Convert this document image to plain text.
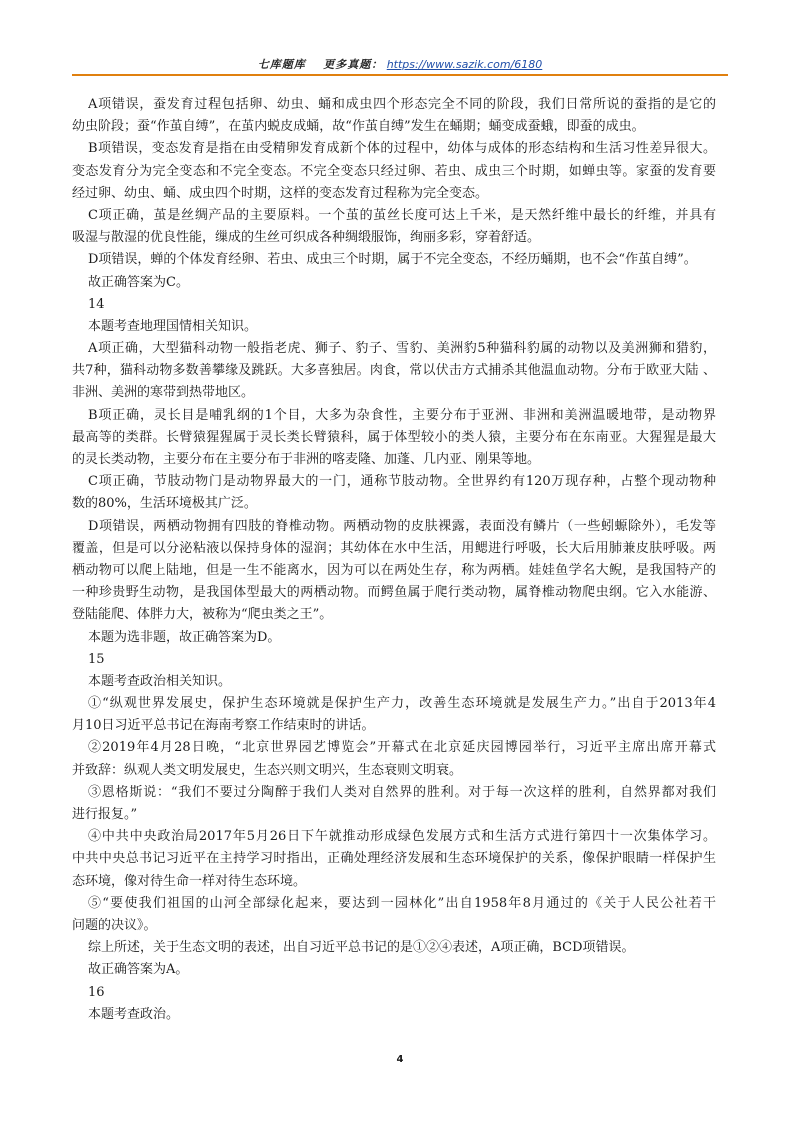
七库题库 更多真题： https://www.sazik.com/6180
A项错误，蚕发育过程包括卵、幼虫、蛹和成虫四个形态完全不同的阶段，我们日常所说的蚕指的是它的
幼虫阶段；蚕“作茧自缚”，在茧内蜕皮成蛹，故“作茧自缚”发生在蛹期；蛹变成蚕蛾，即蚕的成虫。
B项错误，变态发育是指在由受精卵发育成新个体的过程中，幼体与成体的形态结构和生活习性差异很大。
变态发育分为完全变态和不完全变态。不完全变态只经过卵、若虫、成虫三个时期，如蝉虫等。家蚕的发育要
经过卵、幼虫、蛹、成虫四个时期，这样的变态发育过程称为完全变态。
C项正确，茧是丝绸产品的主要原料。一个茧的茧丝长度可达上千米，是天然纤维中最长的纤维，并具有
吸湿与散湿的优良性能，缫成的生丝可织成各种绸缎服饰，绚丽多彩，穿着舒适。
D项错误，蝉的个体发育经卵、若虫、成虫三个时期，属于不完全变态，不经历蛹期，也不会“作茧自缚”。
故正确答案为C。
14
本题考查地理国情相关知识。
A项正确，大型猫科动物一般指老虎、狮子、豹子、雪豹、美洲豹5种猫科豹属的动物以及美洲狮和猎豹，
共7种，猫科动物多数善攀缘及跳跃。大多喜独居。肉食，常以伏击方式捕杀其他温血动物。分布于欧亚大陆 、
非洲、美洲的寒带到热带地区。
B项正确，灵长目是哺乳纲的1个目，大多为杂食性，主要分布于亚洲、非洲和美洲温暖地带，是动物界
最高等的类群。长臂猿猩猩属于灵长类长臂猿科，属于体型较小的类人猿，主要分布在东南亚。大猩猩是最大
的灵长类动物，主要分布在主要分布于非洲的喀麦隆、加蓬、几内亚、刚果等地。
C项正确，节肢动物门是动物界最大的一门，通称节肢动物。全世界约有120万现存种，占整个现动物种
数的80%，生活环境极其广泛。
D项错误，两栖动物拥有四肢的脊椎动物。两栖动物的皮肤裸露，表面没有鳞片（一些蚓螈除外），毛发等
覆盖，但是可以分泌粘液以保持身体的湿润；其幼体在水中生活，用鳃进行呼吸，长大后用肺兼皮肤呼吸。两
栖动物可以爬上陆地，但是一生不能离水，因为可以在两处生存，称为两栖。娃娃鱼学名大鲵，是我国特产的
一种珍贵野生动物，是我国体型最大的两栖动物。而鳄鱼属于爬行类动物，属脊椎动物爬虫纲。它入水能游、
登陆能爬、体胖力大，被称为“爬虫类之王”。
本题为选非题，故正确答案为D。
15
本题考查政治相关知识。
①“纵观世界发展史，保护生态环境就是保护生产力，改善生态环境就是发展生产力。”出自于2013年4
月10日习近平总书记在海南考察工作结束时的讲话。
②2019年4月28日晚，“北京世界园艺博览会”开幕式在北京延庆园博园举行，习近平主席出席开幕式
并致辞：纵观人类文明发展史，生态兴则文明兴，生态衰则文明衰。
③恩格斯说：“我们不要过分陶醉于我们人类对自然界的胜利。对于每一次这样的胜利，自然界都对我们
进行报复。”
④中共中央政治局2017年5月26日下午就推动形成绿色发展方式和生活方式进行第四十一次集体学习。
中共中央总书记习近平在主持学习时指出，正确处理经济发展和生态环境保护的关系，像保护眼睛一样保护生
态环境，像对待生命一样对待生态环境。
⑤“要使我们祖国的山河全部绿化起来，要达到一园林化”出自1958年8月通过的《关于人民公社若干
问题的决议》。
综上所述，关于生态文明的表述，出自习近平总书记的是①②④表述，A项正确，BCD项错误。
故正确答案为A。
16
本题考查政治。
4
